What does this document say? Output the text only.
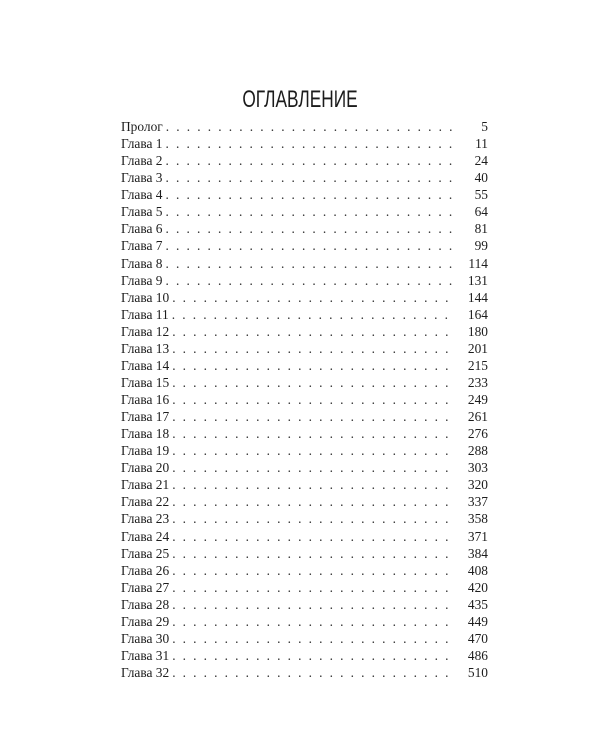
ОГЛАВЛЕНИЕ
Пролог . . .	5
Глава 1 . . .	11
Глава 2 . . .	24
Глава 3 . . .	40
Глава 4 . . .	55
Глава 5 . . .	64
Глава 6 . . .	81
Глава 7 . . .	99
Глава 8 . . .	114
Глава 9 . . .	131
Глава 10 . . .	144
Глава 11 . . .	164
Глава 12 . . .	180
Глава 13 . . .	201
Глава 14 . . .	215
Глава 15 . . .	233
Глава 16 . . .	249
Глава 17 . . .	261
Глава 18 . . .	276
Глава 19 . . .	288
Глава 20 . . .	303
Глава 21 . . .	320
Глава 22 . . .	337
Глава 23 . . .	358
Глава 24 . . .	371
Глава 25 . . .	384
Глава 26 . . .	408
Глава 27 . . .	420
Глава 28 . . .	435
Глава 29 . . .	449
Глава 30 . . .	470
Глава 31 . . .	486
Глава 32 . . .	510
